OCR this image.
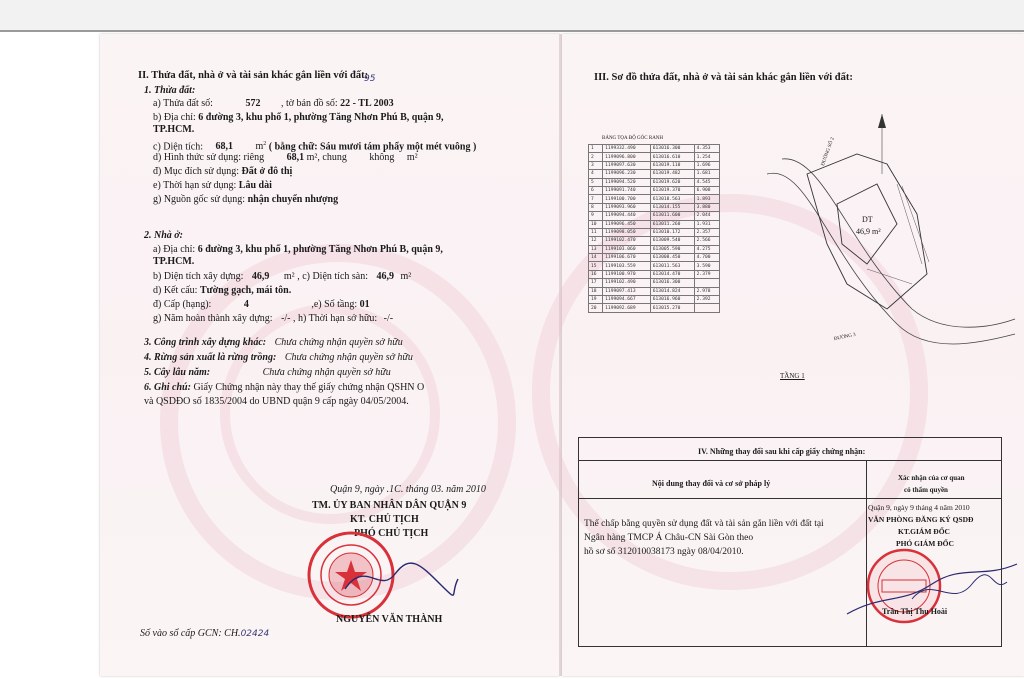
II. Thửa đất, nhà ở và tài sản khác gắn liền với đất:
95
1. Thửa đất:
a) Thửa đất số:	572 , tờ bản đồ số: 22 - TL 2003
b) Địa chỉ: 6 đường 3, khu phố 1, phường Tăng Nhơn Phú B, quận 9,
TP.HCM.
c) Diện tích: 68,1 $m^2$ ( bằng chữ: Sáu mươi tám phẩy một mét vuông )
d) Hình thức sử dụng: riêng 68,1 m², chung không m²
đ) Mục đích sử dụng: Đất ở đô thị
e) Thời hạn sử dụng: Lâu dài
g) Nguồn gốc sử dụng: nhận chuyển nhượng
2. Nhà ở:
a) Địa chỉ: 6 đường 3, khu phố 1, phường Tăng Nhơn Phú B, quận 9,
TP.HCM.
b) Diện tích xây dựng: 46,9 m² , c) Diện tích sàn: 46,9 m²
d) Kết cấu: Tường gạch, mái tôn.
đ) Cấp (hạng):	4	,e) Số tầng: 01
g) Năm hoàn thành xây dựng: -/- , h) Thời hạn sở hữu: -/-
3. Công trình xây dựng khác: Chưa chứng nhận quyền sở hữu
4. Rừng sản xuất là rừng trồng: Chưa chứng nhận quyền sở hữu
5. Cây lâu năm:	Chưa chứng nhận quyền sở hữu
6. Ghi chú: Giấy Chứng nhận này thay thế giấy chứng nhận QSHN O
và QSDĐO số 1835/2004 do UBND quận 9 cấp ngày 04/05/2004.
Quận 9, ngày .1C. tháng 03. năm 2010
TM. ỦY BAN NHÂN DÂN QUẬN 9
KT. CHỦ TỊCH
PHÓ CHỦ TỊCH
NGUYỄN VĂN THÀNH
Số vào sổ cấp GCN: CH.02424
III. Sơ đồ thửa đất, nhà ở và tài sản khác gắn liền với đất:
BẢNG TỌA ĐỘ GÓC RANH
1	1199332.490	613016.300	4.353
2	1199096.800	613016.610	1.254
3	1199097.630	613019.110	1.696
4	1199096.230	613019.482	1.681
5	1199094.520	613019.620	4.545
6	1199091.740	613019.370	6.908
7	1199100.700	613018.563	1.893
8	1199093.960	613014.155	3.880
9	1199094.440	613011.600	2.044
10	1199096.450	613011.260	1.931
11	1199098.050	613010.172	2.357
12	1199102.470	613009.540	2.566
13	1199103.060	613005.590	4.275
14	1199106.670	613008.450	4.700
15	1199103.559	613011.563	3.590
16	1199100.970	613014.470	2.379
17	1199102.490	613016.300	
18	1199097.413	613014.824	2.978
19	1199094.667	613016.960	2.392
20	1199092.689	613015.270	
DT
46,9 m²
ĐƯỜNG 3
ĐƯỜNG SỐ 2
TẦNG 1
IV. Những thay đổi sau khi cấp giấy chứng nhận:
Nội dung thay đổi và cơ sở pháp lý
Xác nhận của cơ quan
có thẩm quyền
Thế chấp bằng quyền sử dụng đất và tài sản gắn liền với đất tại
Ngân hàng TMCP Á Châu-CN Sài Gòn theo
hồ sơ số 312010038173 ngày 08/04/2010.
Quận 9, ngày 9 tháng 4 năm 2010
VĂN PHÒNG ĐĂNG KÝ QSDĐ
KT.GIÁM ĐỐC
PHÓ GIÁM ĐỐC
Trần Thị Thu Hoài
